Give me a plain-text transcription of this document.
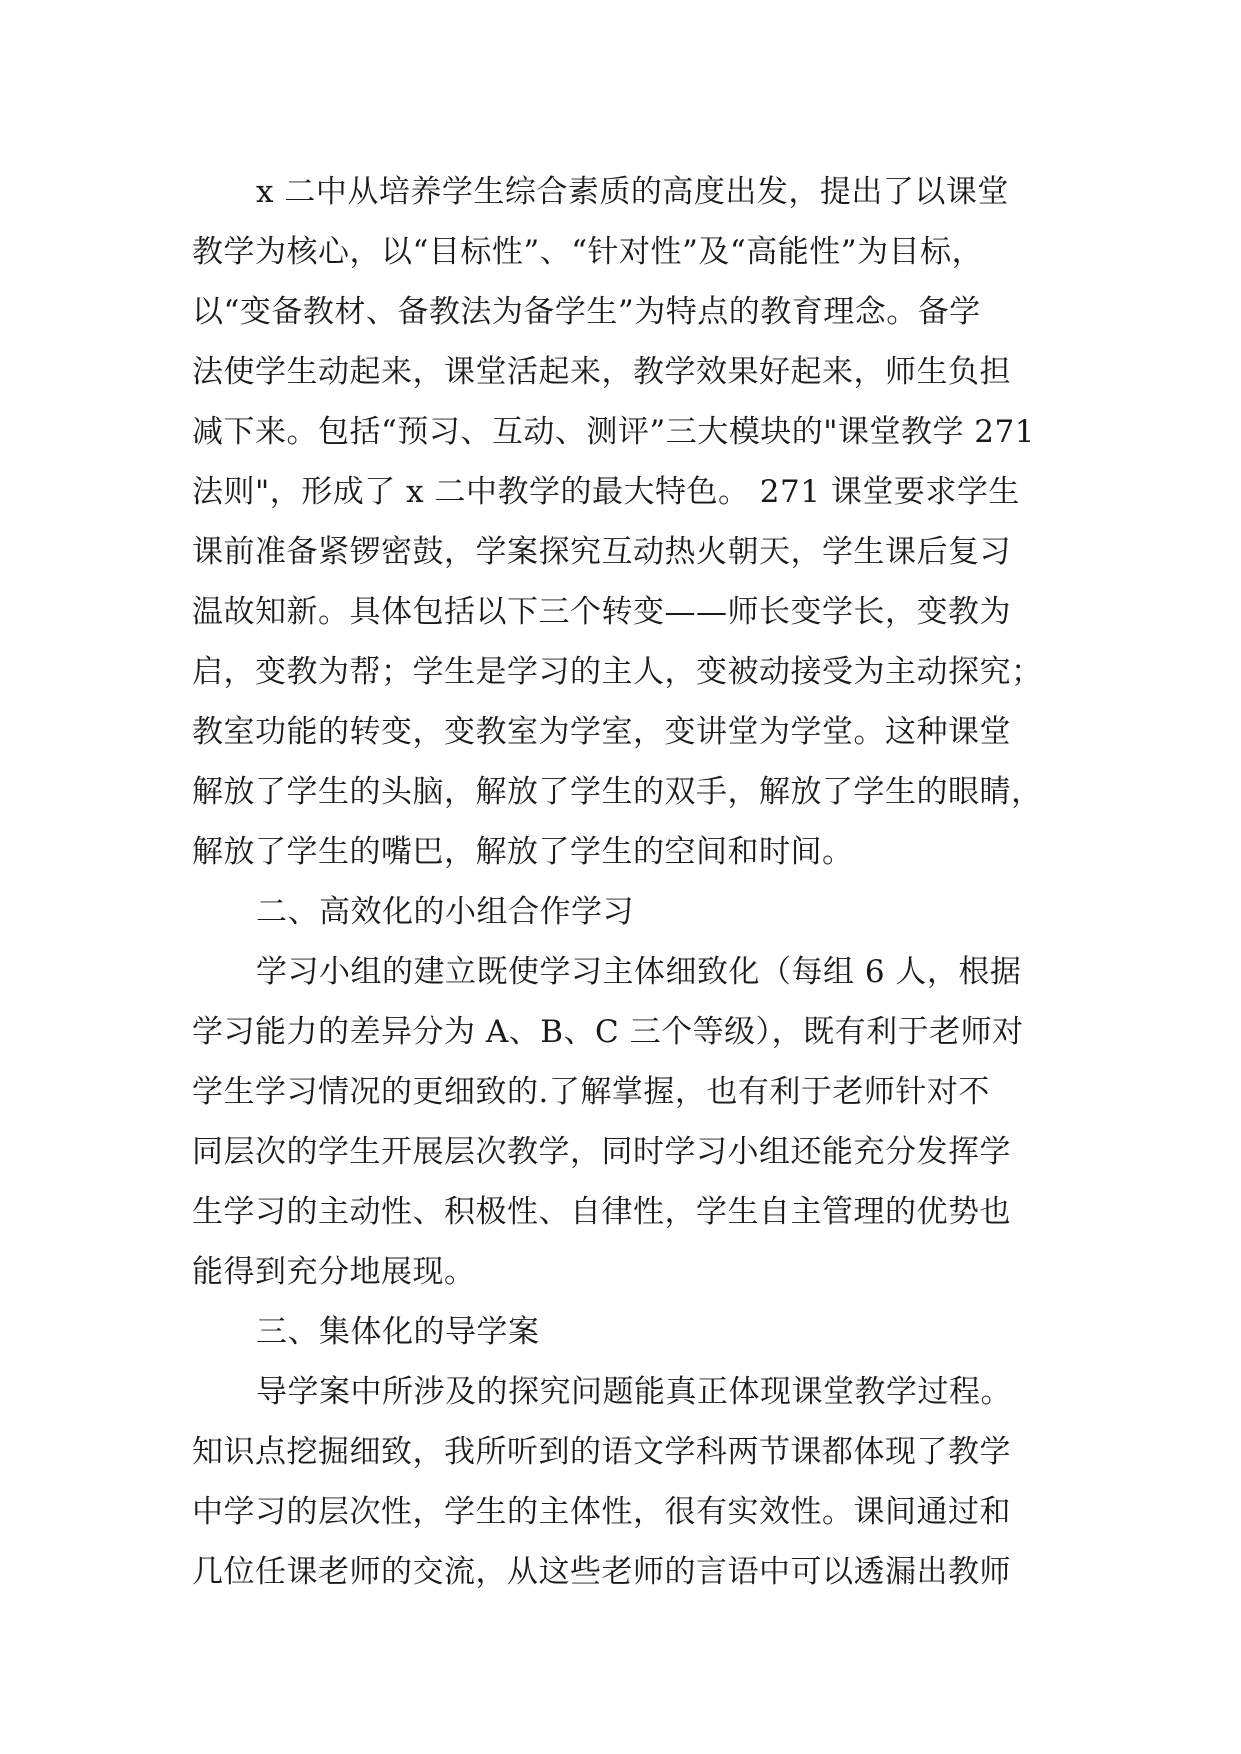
x 二中从培养学生综合素质的高度出发，提出了以课堂
教学为核心，以“目标性”、“针对性”及“高能性”为目标，
以“变备教材、备教法为备学生”为特点的教育理念。备学
法使学生动起来，课堂活起来，教学效果好起来，师生负担
减下来。包括“预习、互动、测评”三大模块的"课堂教学 271
法则"，形成了 x 二中教学的最大特色。 271 课堂要求学生
课前准备紧锣密鼓，学案探究互动热火朝天，学生课后复习
温故知新。具体包括以下三个转变——师长变学长，变教为
启，变教为帮；学生是学习的主人，变被动接受为主动探究；
教室功能的转变，变教室为学室，变讲堂为学堂。这种课堂
解放了学生的头脑，解放了学生的双手，解放了学生的眼睛，
解放了学生的嘴巴，解放了学生的空间和时间。
二、高效化的小组合作学习
学习小组的建立既使学习主体细致化（每组 6 人，根据
学习能力的差异分为 A、B、C 三个等级），既有利于老师对
学生学习情况的更细致的.了解掌握，也有利于老师针对不
同层次的学生开展层次教学，同时学习小组还能充分发挥学
生学习的主动性、积极性、自律性，学生自主管理的优势也
能得到充分地展现。
三、集体化的导学案
导学案中所涉及的探究问题能真正体现课堂教学过程。
知识点挖掘细致，我所听到的语文学科两节课都体现了教学
中学习的层次性，学生的主体性，很有实效性。课间通过和
几位任课老师的交流，从这些老师的言语中可以透漏出教师
